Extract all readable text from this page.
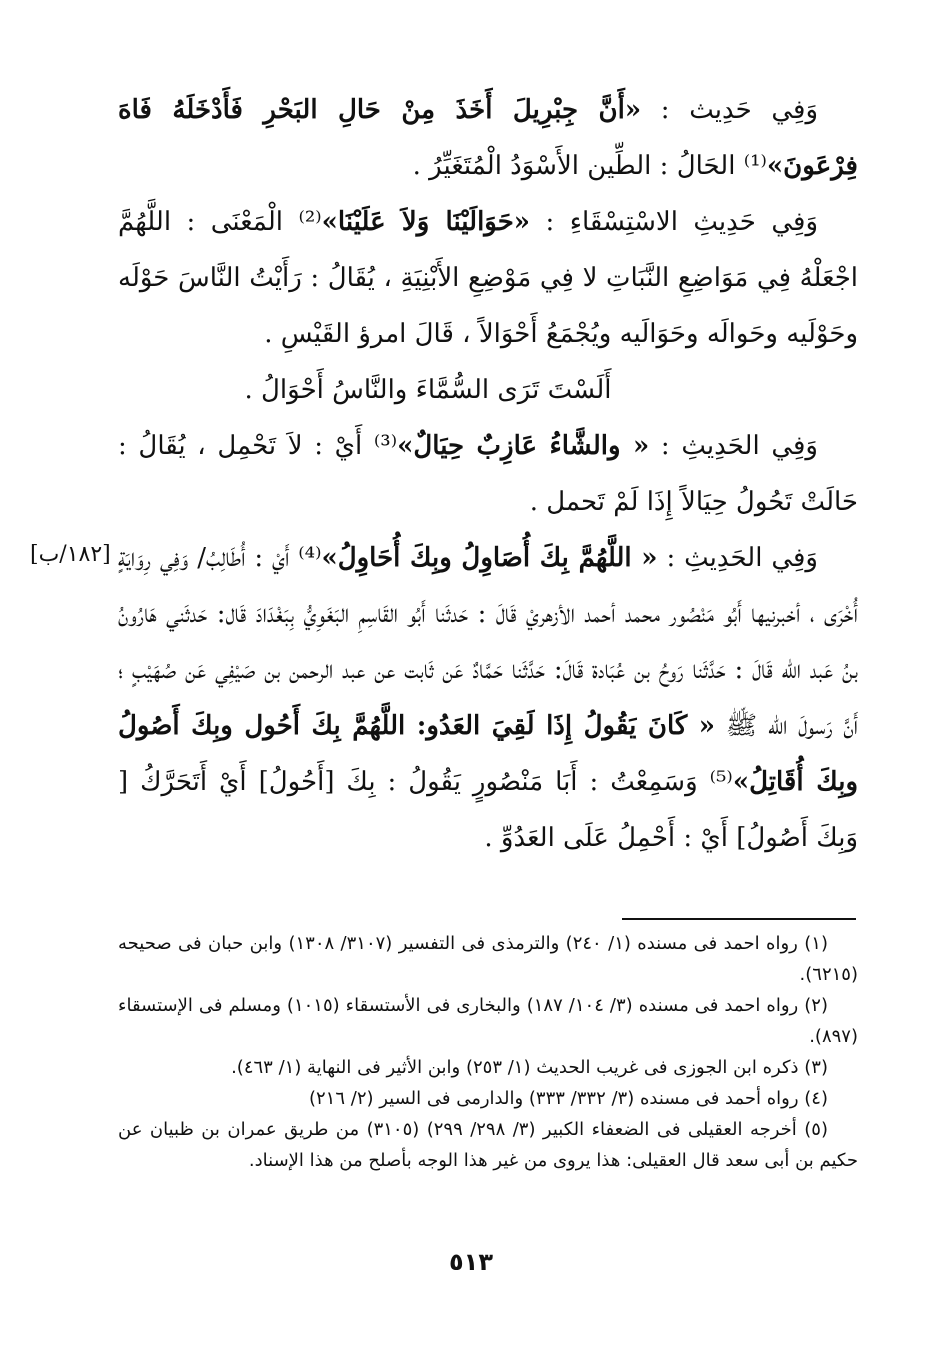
[١٨٢/ب]

وَفِي حَدِيث : «أَنَّ جِبْرِيلَ أَخَذَ مِنْ حَالِ البَحْرِ فَأَدْخَلَهُ فَاهَ فِرْعَونَ»⁽¹⁾ الحَالُ : الطِّين الأَسْوَدُ الْمُتَغَيِّرُ .

وَفِي حَدِيثِ الاسْتِسْقَاءِ : «حَوَالَيْنَا وَلاَ عَلَيْنَا»⁽²⁾ الْمَعْنَى : اللَّهُمَّ اجْعَلْهُ فِي مَوَاضِعِ النَّبَاتِ لا فِي مَوْضِعِ الأَبْنِيَةِ ، يُقَالُ : رَأَيْتُ النَّاسَ حَوْلَه وحَوْلَيه وحَوالَه وحَوَالَيه ويُجْمَعُ أَحْوَالاً ، قَالَ امرؤ القَيْسِ .

أَلَسْتَ تَرَى السُّمَّاءَ والنَّاسُ أَحْوَالُ .

وَفِي الحَدِيثِ : « والشَّاءُ عَازِبٌ حِيَالٌ»⁽³⁾ أَيْ : لاَ تَحْمِل ، يُقَالُ : حَالَتْ تَحُولُ حِيَالاً إِذَا لَمْ تَحمل .

وَفِي الحَدِيثِ : « اللَّهُمَّ بِكَ أُصَاوِلُ وبِكَ أُحَاوِلُ»⁽⁴⁾ أَيْ : أُطَالِبُ/ وَفِي رِوَايَةٍ أُخْرَى ، أخبرنيها أَبُو مَنْصُور محمد أحمد الأزهريْ قَالَ : حَدثَنا أَبُو القَاسِمِ البَغَوِيُّ بِبَغْدَادَ قَال: حَدثَني هَارُونُ بنُ عَبد الله قَالَ : حَدَّثَنا رَوحُ بن عُبَادة قَالَ: حَدَّثَنا حَمَّادٌ عَن ثَابت عن عبد الرحمن بن صَيْفِي عَن صُهَيْبٍ ؛ أَنَّ رَسولَ الله ﷺ « كَانَ يَقُولُ إِذَا لَقِيَ العَدُو: اللَّهُمَّ بِكَ أَحُول وبِكَ أَصُولُ وبِكَ أُقَاتِلُ»⁽⁵⁾ وَسَمِعْتُ : أَبَا مَنْصُورٍ يَقُولُ : بِكَ [أَحُولُ] أَيْ أَتَحَرَّكُ [ وَبِكَ أَصُولُ] أَيْ : أَحْمِلُ عَلَى العَدُوِّ .

(١) رواه احمد فى مسنده (١/ ٢٤٠) والترمذى فى التفسير (٣١٠٧/ ١٣٠٨) وابن حبان فى صحيحه (٦٢١٥).

(٢) رواه احمد فى مسنده (٣/ ١٠٤/ ١٨٧) والبخارى فى الأستسقاء (١٠١٥) ومسلم فى الإستسقاء (٨٩٧).

(٣) ذكره ابن الجوزى فى غريب الحديث (١/ ٢٥٣) وابن الأثير فى النهاية (١/ ٤٦٣).

(٤) رواه أحمد فى مسنده (٣/ ٣٣٢/ ٣٣٣) والدارمى فى السير (٢/ ٢١٦)

(٥) أخرجه العقيلى فى الضعفاء الكبير (٣/ ٢٩٨/ ٢٩٩) (٣١٠٥) من طريق عمران بن ظبيان عن حكيم بن أبى سعد قال العقيلى: هذا يروى من غير هذا الوجه بأصلح من هذا الإسناد.

٥١٣
